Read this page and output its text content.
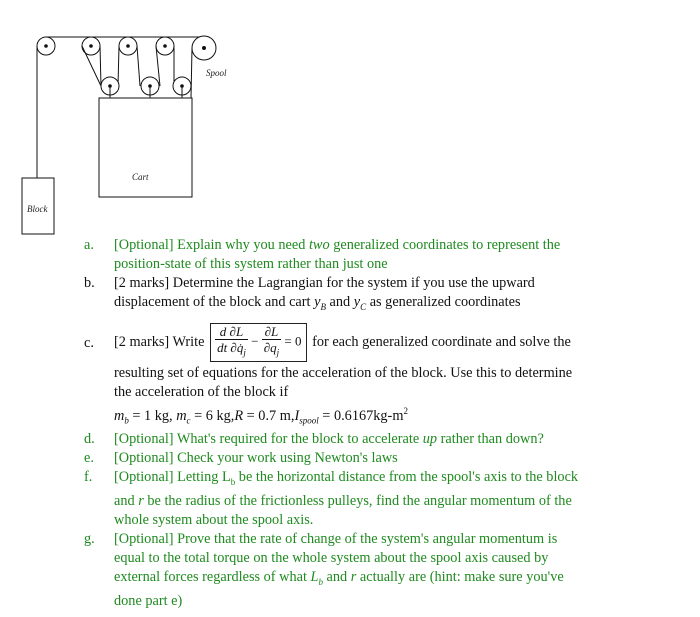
Spool
Cart
Block
a. [Optional] Explain why you need two generalized coordinates to represent the
position-state of this system rather than just one
b. [2 marks] Determine the Lagrangian for the system if you use the upward
displacement of the block and cart $y_B$ and $y_C$ as generalized coordinates
c. [2 marks] Write $\frac{d \partial L}{dt \partial q̇_j} - \frac{\partial L}{\partial q_j} = 0$ for each generalized coordinate and solve the
resulting set of equations for the acceleration of the block. Use this to determine
the acceleration of the block if
$m_b = 1$ kg, $m_c = 6$ kg,R = 0.7 $m,I_{spool} = 0.6167kg-m^2$
d. [Optional] What's required for the block to accelerate up rather than down?
e. [Optional] Check your work using Newton's laws
f. [Optional] Letting $L_b$ be the horizontal distance from the spool's axis to the block
and r be the radius of the frictionless pulleys, find the angular momentum of the
whole system about the spool axis.
g. [Optional] Prove that the rate of change of the system's angular momentum is
equal to the total torque on the whole system about the spool axis caused by
external forces regardless of what $L_b$ and r actually are (hint: make sure you've
done part e)
